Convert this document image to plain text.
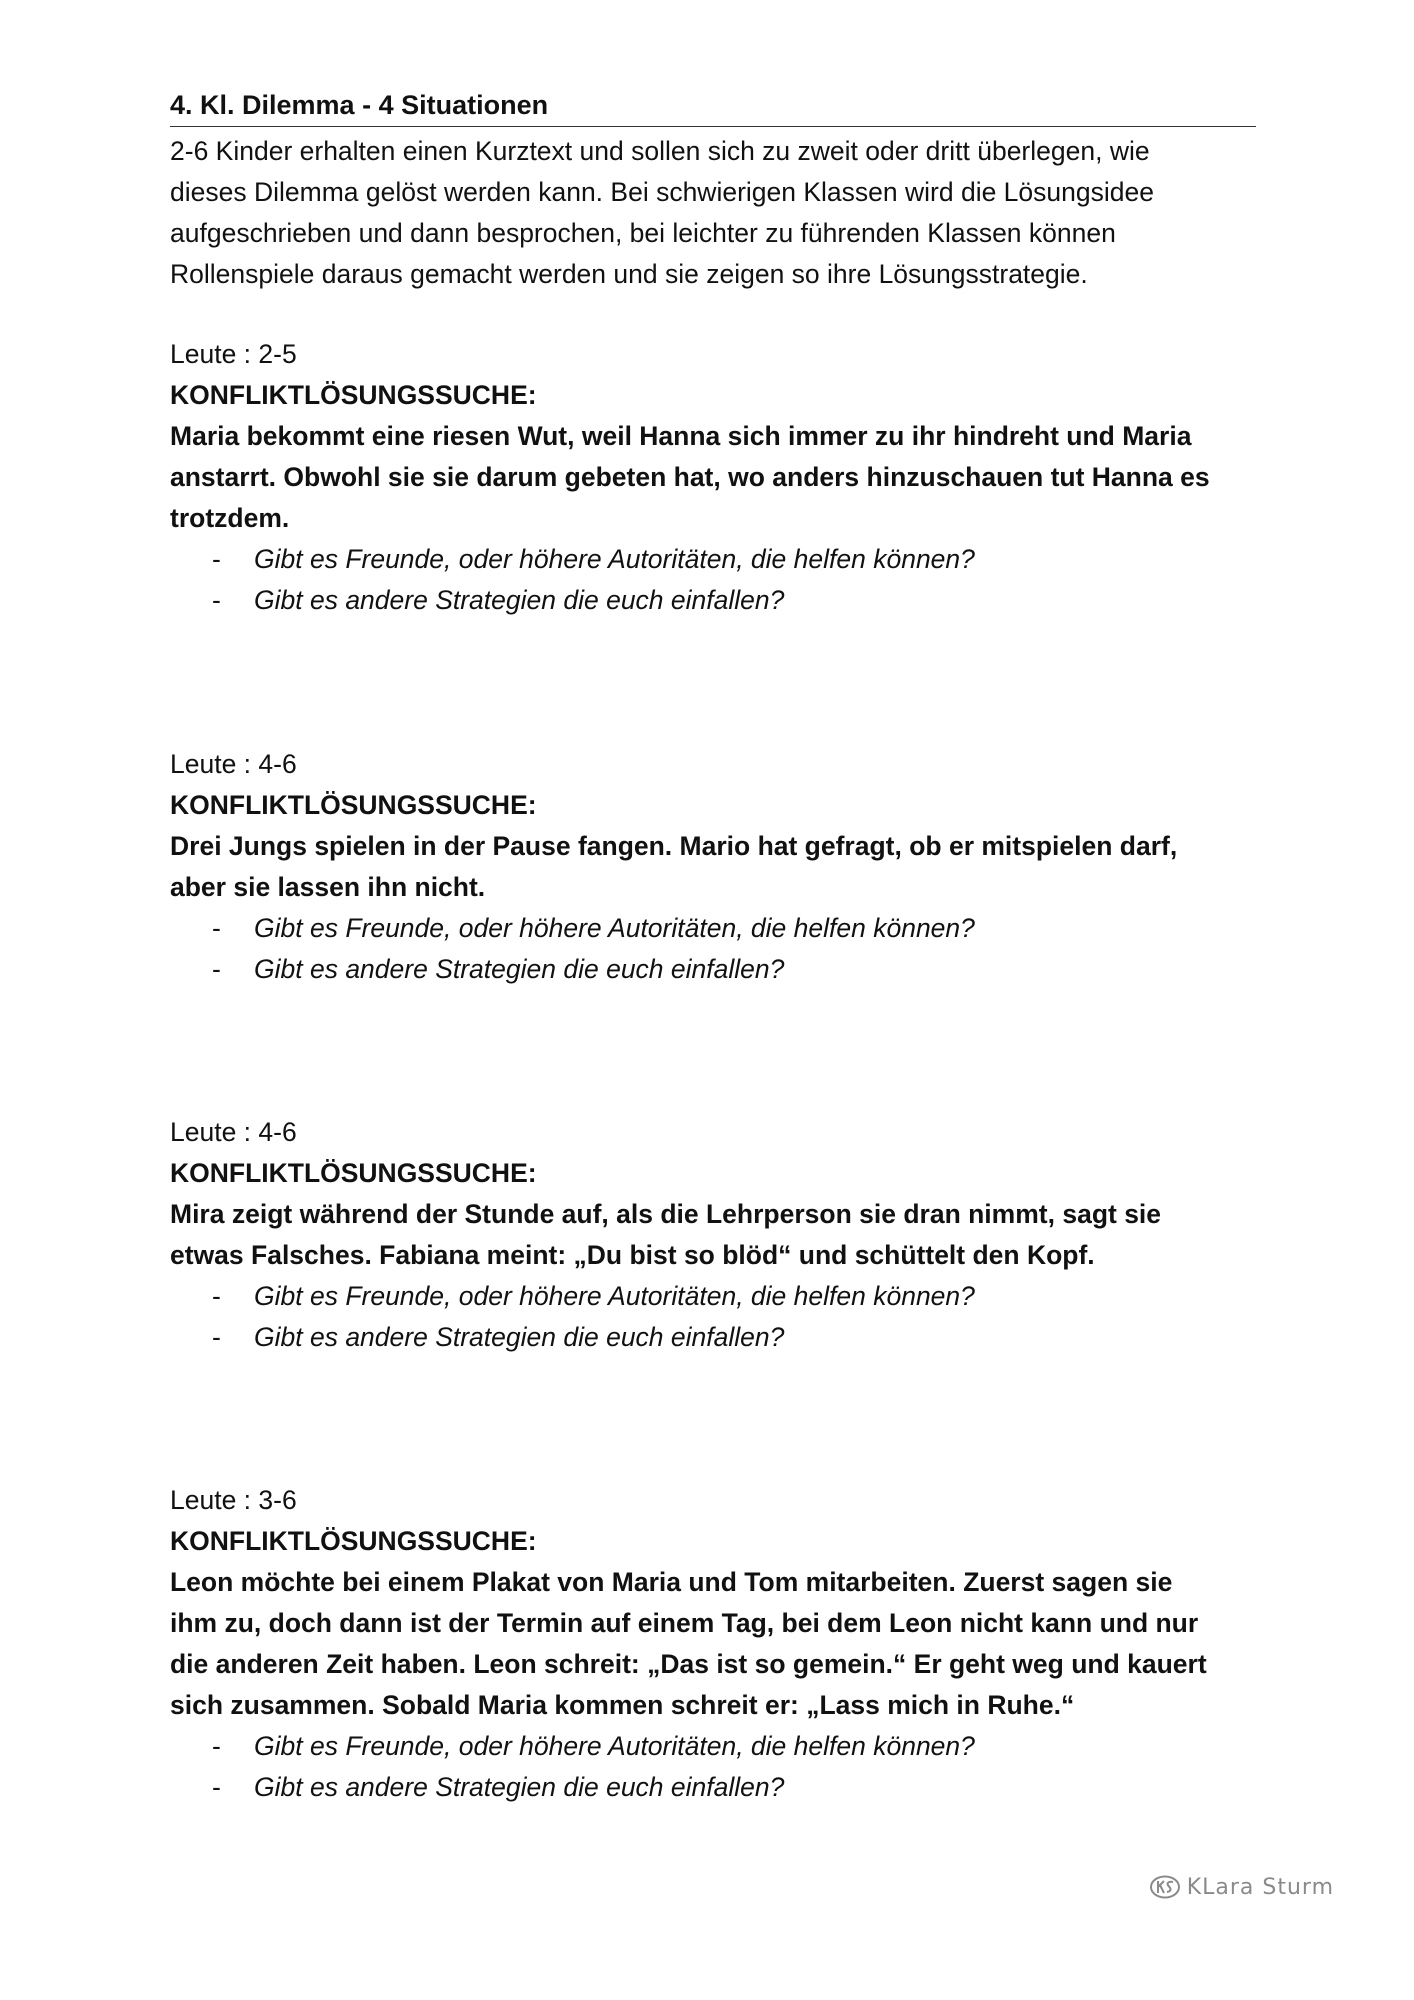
4. Kl. Dilemma - 4 Situationen

2-6 Kinder erhalten einen Kurztext und sollen sich zu zweit oder dritt überlegen, wie

dieses Dilemma gelöst werden kann. Bei schwierigen Klassen wird die Lösungsidee

aufgeschrieben und dann besprochen, bei leichter zu führenden Klassen können

Rollenspiele daraus gemacht werden und sie zeigen so ihre Lösungsstrategie.

Leute : 2-5

KONFLIKTLÖSUNGSSUCHE:

Maria bekommt eine riesen Wut, weil Hanna sich immer zu ihr hindreht und Maria

anstarrt. Obwohl sie sie darum gebeten hat, wo anders hinzuschauen tut Hanna es

trotzdem.

- Gibt es Freunde, oder höhere Autoritäten, die helfen können?
- Gibt es andere Strategien die euch einfallen?

Leute : 4-6

KONFLIKTLÖSUNGSSUCHE:

Drei Jungs spielen in der Pause fangen. Mario hat gefragt, ob er mitspielen darf,

aber sie lassen ihn nicht.

- Gibt es Freunde, oder höhere Autoritäten, die helfen können?
- Gibt es andere Strategien die euch einfallen?

Leute : 4-6

KONFLIKTLÖSUNGSSUCHE:

Mira zeigt während der Stunde auf, als die Lehrperson sie dran nimmt, sagt sie

etwas Falsches. Fabiana meint: „Du bist so blöd“ und schüttelt den Kopf.

- Gibt es Freunde, oder höhere Autoritäten, die helfen können?
- Gibt es andere Strategien die euch einfallen?

Leute : 3-6

KONFLIKTLÖSUNGSSUCHE:

Leon möchte bei einem Plakat von Maria und Tom mitarbeiten. Zuerst sagen sie

ihm zu, doch dann ist der Termin auf einem Tag, bei dem Leon nicht kann und nur

die anderen Zeit haben. Leon schreit: „Das ist so gemein.“ Er geht weg und kauert

sich zusammen. Sobald Maria kommen schreit er: „Lass mich in Ruhe.“

- Gibt es Freunde, oder höhere Autoritäten, die helfen können?
- Gibt es andere Strategien die euch einfallen?
KLara Sturm
